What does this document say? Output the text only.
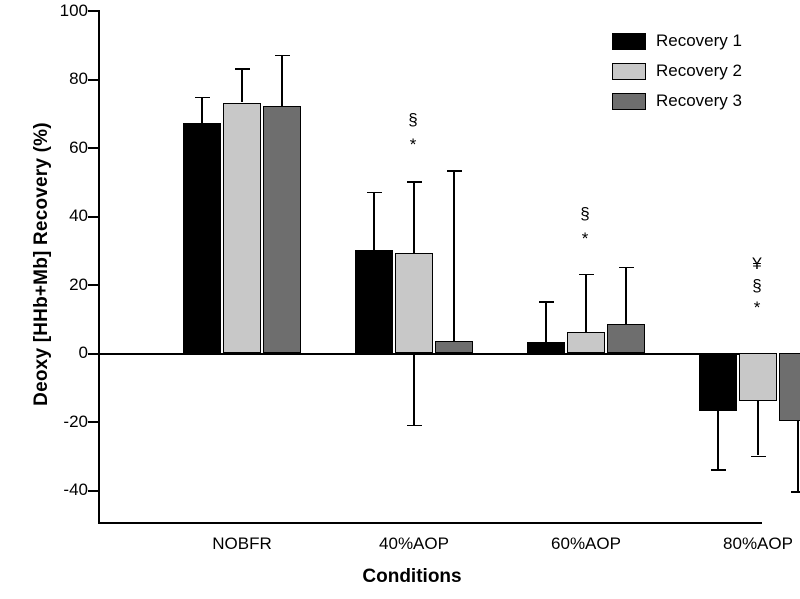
Deoxy [HHb+Mb] Recovery (%)
Conditions
100
80
60
40
20
0
-20
-40
§
*
§
*
¥
§
*
NOBFR	40%AOP	60%AOP	80%AOP
Recovery 1
Recovery 2
Recovery 3
